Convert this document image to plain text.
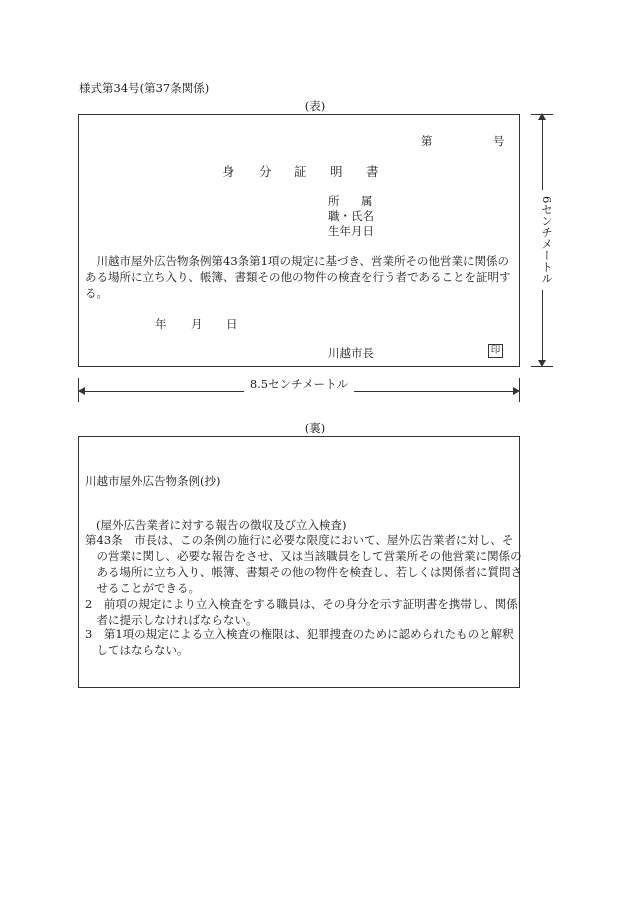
様式第34号(第37条関係)
(表)
第	号
身 分 証 明 書
所 属
職・氏名
生年月日
川越市屋外広告物条例第43条第1項の規定に基づき、営業所その他営業に関係のある場所に立ち入り、帳簿、書類その他の物件の検査を行う者であることを証明する。
年 月 日
川越市長	印
6センチメートル
8.5センチメートル
(裏)
川越市屋外広告物条例(抄)
(屋外広告業者に対する報告の徴収及び立入検査)
第43条　市長は、この条例の施行に必要な限度において、屋外広告業者に対し、その営業に関し、必要な報告をさせ、又は当該職員をして営業所その他営業に関係のある場所に立ち入り、帳簿、書類その他の物件を検査し、若しくは関係者に質問させることができる。
2　前項の規定により立入検査をする職員は、その身分を示す証明書を携帯し、関係者に提示しなければならない。
3　第1項の規定による立入検査の権限は、犯罪捜査のために認められたものと解釈してはならない。
